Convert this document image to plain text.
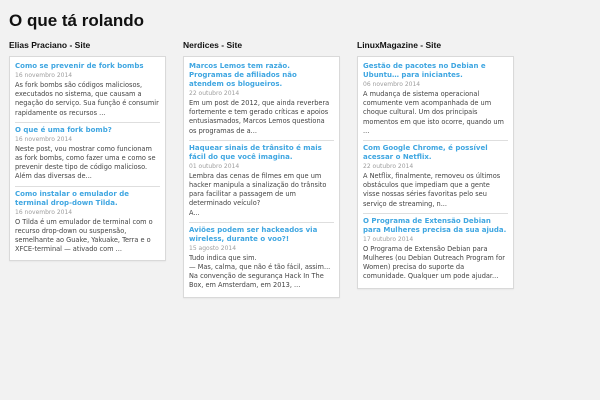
O que tá rolando
Elias Praciano - Site
Como se prevenir de fork bombs
16 novembro 2014
As fork bombs são códigos maliciosos, executados no sistema, que causam a negação do serviço. Sua função é consumir rapidamente os recursos ...
O que é uma fork bomb?
16 novembro 2014
Neste post, vou mostrar como funcionam as fork bombs, como fazer uma e como se prevenir deste tipo de código malicioso. Além das diversas de...
Como instalar o emulador de terminal drop-down Tilda.
16 novembro 2014
O Tilda é um emulador de terminal com o recurso drop-down ou suspensão, semelhante ao Guake, Yakuake, Terra e o XFCE-terminal — ativado com ...
Nerdices - Site
Marcos Lemos tem razão. Programas de afiliados não atendem os blogueiros.
22 outubro 2014
Em um post de 2012, que ainda reverbera fortemente e tem gerado críticas e apoios entusiasmados, Marcos Lemos questiona os programas de a...
Haquear sinais de trânsito é mais fácil do que você imagina.
01 outubro 2014
Lembra das cenas de filmes em que um hacker manipula a sinalização do trânsito para facilitar a passagem de um determinado veículo?
A...
Aviões podem ser hackeados via wireless, durante o voo?!
15 agosto 2014
Tudo indica que sim.
— Mas, calma, que não é tão fácil, assim...
Na convenção de segurança Hack In The Box, em Amsterdam, em 2013, ...
LinuxMagazine - Site
Gestão de pacotes no Debian e Ubuntu… para iniciantes.
06 novembro 2014
A mudança de sistema operacional comumente vem acompanhada de um choque cultural. Um dos principais momentos em que isto ocorre, quando um ...
Com Google Chrome, é possível acessar o Netflix.
22 outubro 2014
A Netflix, finalmente, removeu os últimos obstáculos que impediam que a gente visse nossas séries favoritas pelo seu serviço de streaming, n...
O Programa de Extensão Debian para Mulheres precisa da sua ajuda.
17 outubro 2014
O Programa de Extensão Debian para Mulheres (ou Debian Outreach Program for Women) precisa do suporte da comunidade. Qualquer um pode ajudar...
